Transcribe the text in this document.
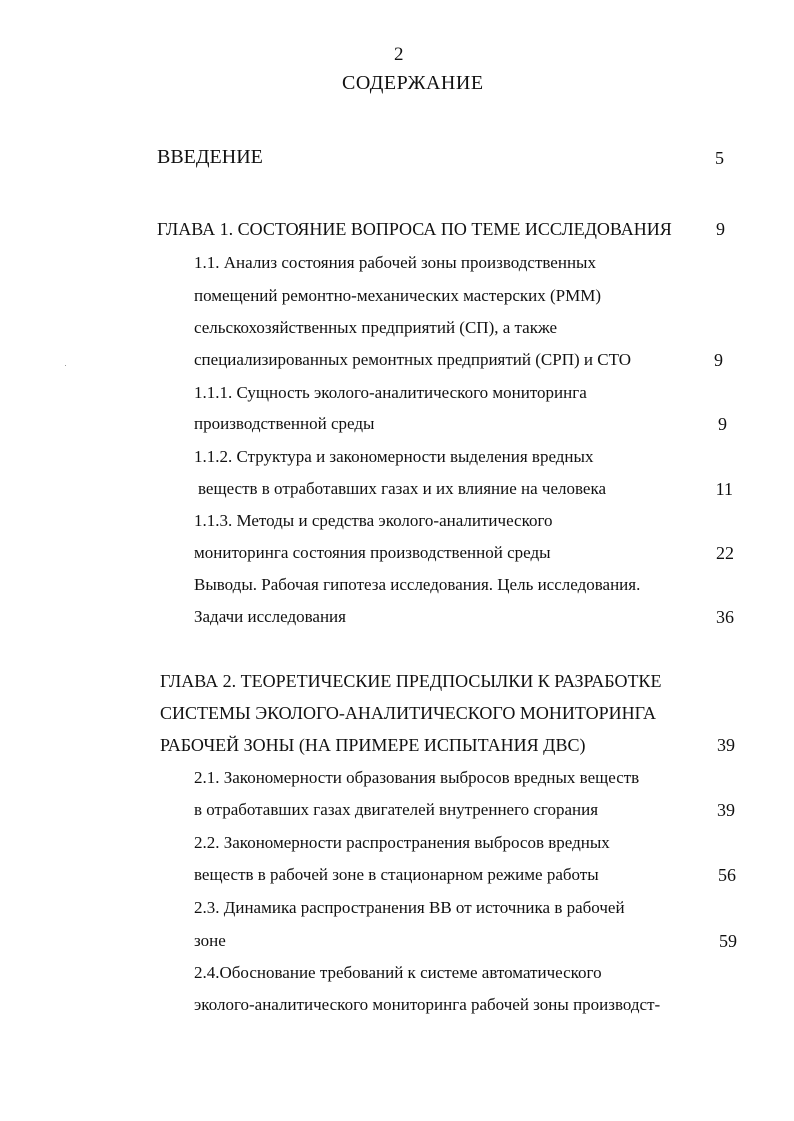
2
СОДЕРЖАНИЕ
ВВЕДЕНИЕ	5
ГЛАВА 1. СОСТОЯНИЕ ВОПРОСА ПО ТЕМЕ ИССЛЕДОВАНИЯ	9
1.1. Анализ состояния рабочей зоны производственных
помещений ремонтно-механических мастерских (РММ)
сельскохозяйственных предприятий (СП), а также
специализированных ремонтных предприятий (СРП) и СТО	9
1.1.1. Сущность эколого-аналитического мониторинга
производственной среды	9
1.1.2. Структура и закономерности выделения вредных
веществ в отработавших газах и их влияние на человека	11
1.1.3. Методы и средства эколого-аналитического
мониторинга состояния производственной среды	22
Выводы. Рабочая гипотеза исследования. Цель исследования.
Задачи исследования	36
ГЛАВА 2. ТЕОРЕТИЧЕСКИЕ ПРЕДПОСЫЛКИ К РАЗРАБОТКЕ
СИСТЕМЫ ЭКОЛОГО-АНАЛИТИЧЕСКОГО МОНИТОРИНГА
РАБОЧЕЙ ЗОНЫ (НА ПРИМЕРЕ ИСПЫТАНИЯ ДВС)	39
2.1. Закономерности образования выбросов вредных веществ
в отработавших газах двигателей внутреннего сгорания	39
2.2. Закономерности распространения выбросов вредных
веществ в рабочей зоне в стационарном режиме работы	56
2.3. Динамика распространения ВВ от источника в рабочей
зоне	59
2.4.Обоснование требований к системе автоматического
эколого-аналитического мониторинга рабочей зоны производст-
